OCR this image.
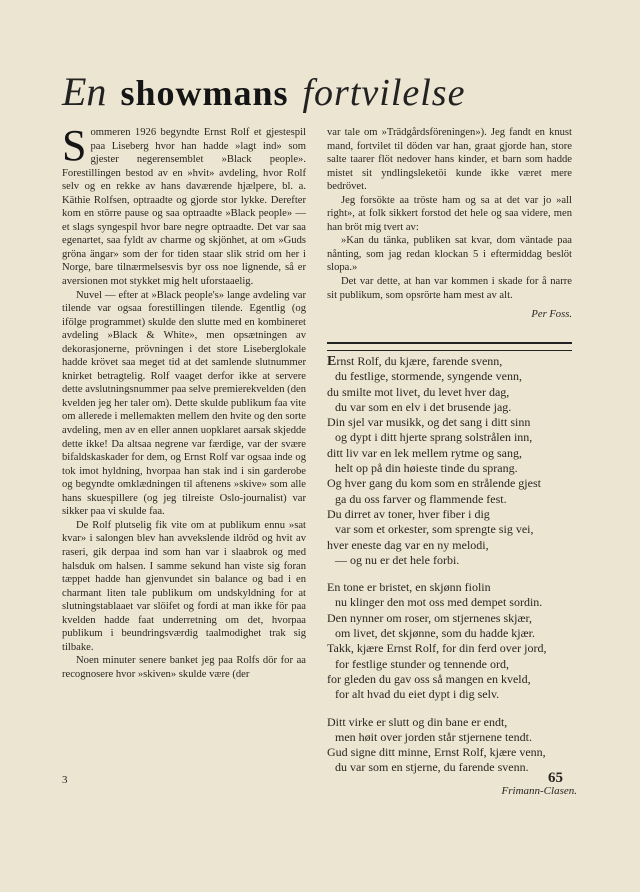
En showmans fortvilelse

Sommeren 1926 begyndte Ernst Rolf et gjestespil paa Liseberg hvor han hadde »lagt ind» som gjester negerensemblet »Black people». Forestillingen bestod av en »hvit» avdeling, hvor Rolf selv og en rekke av hans daværende hjælpere, bl. a. Käthie Rolfsen, optraadte og gjorde stor lykke. Derefter kom en större pause og saa optraadte »Black people» — et slags syngespil hvor bare negre optraadte. Det var saa egenartet, saa fyldt av charme og skjönhet, at om »Guds gröna ängar» som der for tiden staar slik strid om her i Norge, bare tilnærmelsesvis byr oss noe lignende, så er aversionen mot stykket mig helt uforstaaelig.

Nuvel — efter at »Black people's» lange avdeling var tilende var ogsaa forestillingen tilende. Egentlig (og ifölge programmet) skulde den slutte med en kombineret avdeling »Black & White», men opsætningen av dekorasjonerne, prövningen i det store Liseberglokale hadde krövet saa meget tid at det samlende slutnummer knirket betragtelig. Rolf vaaget derfor ikke at servere dette avslutningsnummer paa selve premierekvelden (den kvelden jeg her taler om). Dette skulde publikum faa vite om allerede i mellemakten mellem den hvite og den sorte avdeling, men av en eller annen uopklaret aarsak skjedde dette ikke! Da altsaa negrene var færdige, var der svære bifaldskaskader for dem, og Ernst Rolf var ogsaa inde og tok imot hyldning, hvorpaa han stak ind i sin garderobe og begyndte omklædningen til aftenens »skive» som alle hans skuespillere (og jeg tilreiste Oslo-journalist) var sikker paa vi skulde faa.

De Rolf plutselig fik vite om at publikum ennu »sat kvar» i salongen blev han avvekslende ildröd og hvit av raseri, gik derpaa ind som han var i slaabrok og med halsduk om halsen. I samme sekund han viste sig foran tæppet hadde han gjenvundet sin balance og bad i en charmant liten tale publikum om undskyldning for at slutningstablaaet var slöifet og fordi at man ikke för paa kvelden hadde faat underretning om det, hvorpaa publikum i beundringsværdig taalmodighet trak sig tilbake.

Noen minuter senere banket jeg paa Rolfs dör for aa recognosere hvor »skiven» skulde være (der

var tale om »Trädgårdsföreningen»). Jeg fandt en knust mand, fortvilet til döden var han, graat gjorde han, store salte taarer flöt nedover hans kinder, et barn som hadde mistet sit yndlingsleketöi kunde ikke været mere bedrövet.

Jeg forsökte aa tröste ham og sa at det var jo »all right», at folk sikkert forstod det hele og saa videre, men han bröt mig tvert av:

»Kan du tänka, publiken sat kvar, dom väntade paa nånting, som jag redan klockan 5 i eftermiddag beslöt slopa.»

Det var dette, at han var kommen i skade for å narre sit publikum, som opsrörte ham mest av alt.

Per Foss.
Ernst Rolf, du kjære, farende svenn,
du festlige, stormende, syngende venn,
du smilte mot livet, du levet hver dag,
du var som en elv i det brusende jag.
Din sjel var musikk, og det sang i ditt sinn
og dypt i ditt hjerte sprang solstrålen inn,
ditt liv var en lek mellem rytme og sang,
helt op på din høieste tinde du sprang.
Og hver gang du kom som en strålende gjest
ga du oss farver og flammende fest.
Du dirret av toner, hver fiber i dig
var som et orkester, som sprengte sig vei,
hver eneste dag var en ny melodi,
— og nu er det hele forbi.
En tone er bristet, en skjønn fiolin
nu klinger den mot oss med dempet sordin.
Den nynner om roser, om stjernenes skjær,
om livet, det skjønne, som du hadde kjær.
Takk, kjære Ernst Rolf, for din ferd over jord,
for festlige stunder og tennende ord,
for gleden du gav oss så mangen en kveld,
for alt hvad du eiet dypt i dig selv.
Ditt virke er slutt og din bane er endt,
men høit over jorden står stjernene tendt.
Gud signe ditt minne, Ernst Rolf, kjære venn,
du var som en stjerne, du farende svenn.
Frimann-Clasen.
3	65
